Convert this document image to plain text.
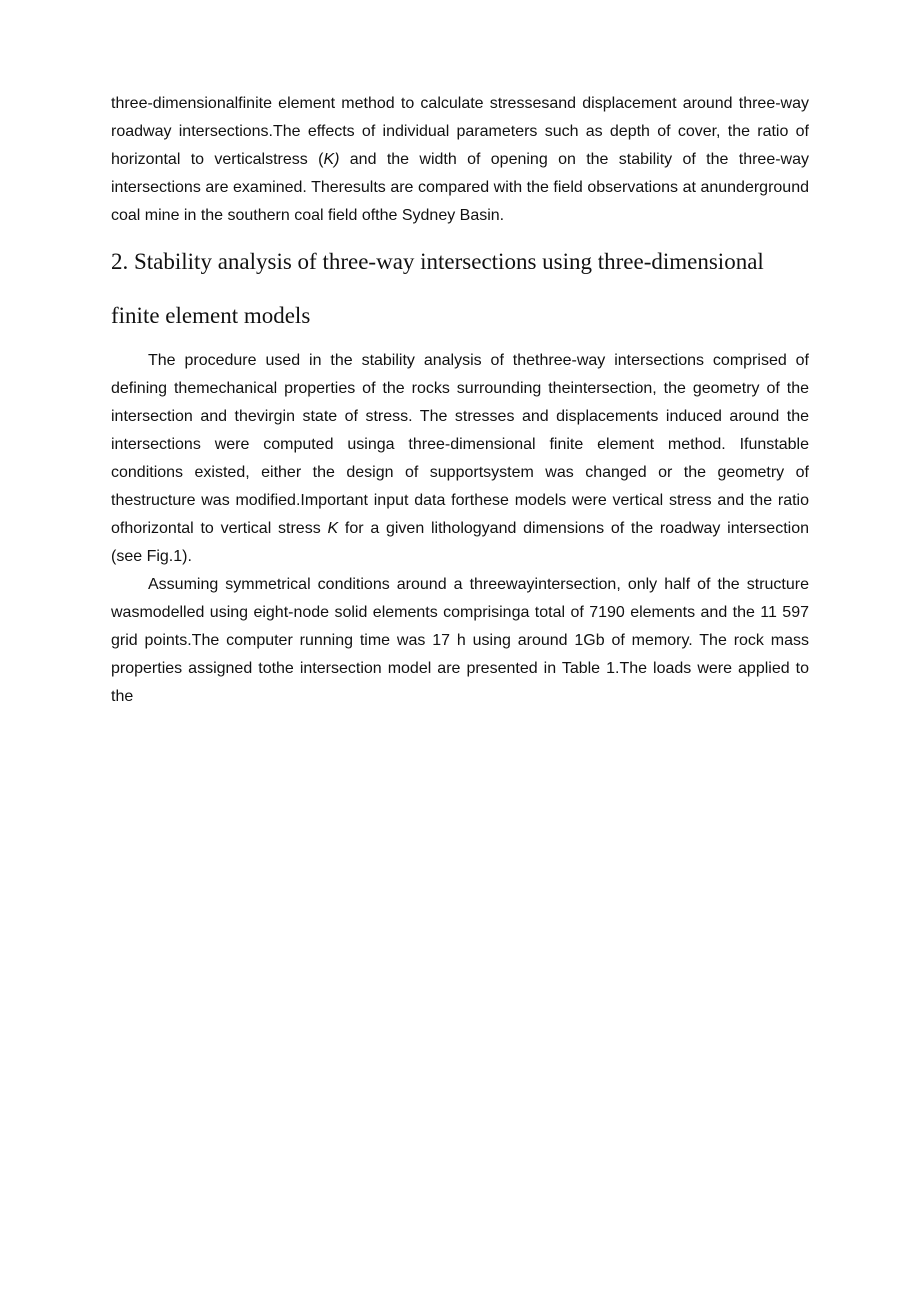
three-dimensionalfinite element method to calculate stressesand displacement around three-way roadway intersections.The effects of individual parameters such as depth of cover, the ratio of horizontal to verticalstress (K) and the width of opening on the stability of the three-way intersections are examined. Theresults are compared with the field observations at anunderground coal mine in the southern coal field ofthe Sydney Basin.

2. Stability analysis of three-way intersections using three-dimensional finite element models

The procedure used in the stability analysis of thethree-way intersections comprised of defining themechanical properties of the rocks surrounding theintersection, the geometry of the intersection and thevirgin state of stress. The stresses and displacements induced around the intersections were computed usinga three-dimensional finite element method. Ifunstable conditions existed, either the design of supportsystem was changed or the geometry of thestructure was modified.Important input data forthese models were vertical stress and the ratio ofhorizontal to vertical stress K for a given lithologyand dimensions of the roadway intersection (see Fig.1).

Assuming symmetrical conditions around a threewayintersection, only half of the structure wasmodelled using eight-node solid elements comprisinga total of 7190 elements and the 11 597 grid points.The computer running time was 17 h using around 1Gb of memory. The rock mass properties assigned tothe intersection model are presented in Table 1.The loads were applied to the
